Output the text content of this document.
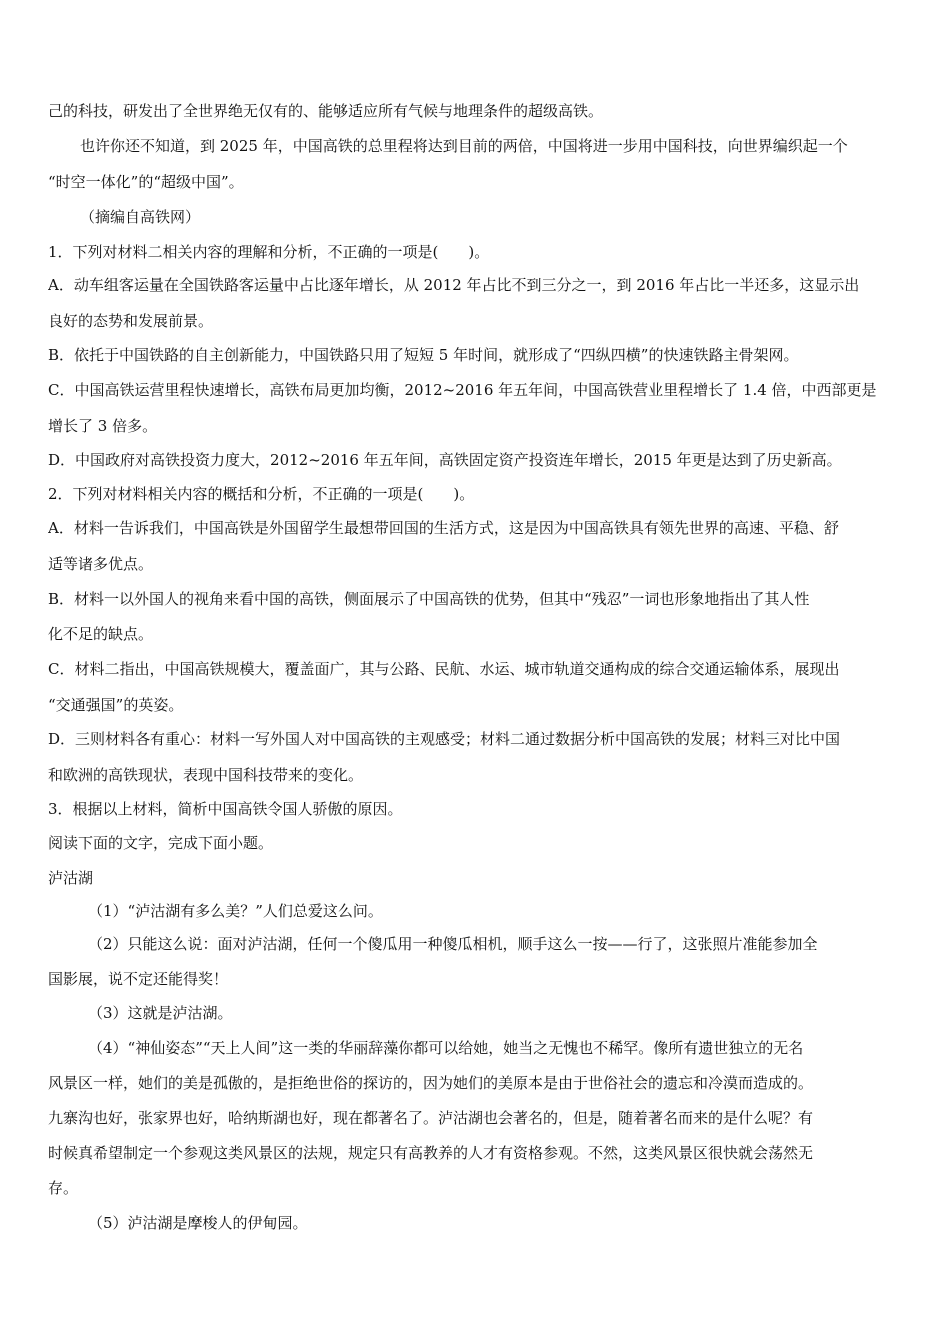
己的科技，研发出了全世界绝无仅有的、能够适应所有气候与地理条件的超级高铁。
也许你还不知道，到 2025 年，中国高铁的总里程将达到目前的两倍，中国将进一步用中国科技，向世界编织起一个
“时空一体化”的“超级中国”。
（摘编自高铁网）
1．下列对材料二相关内容的理解和分析，不正确的一项是(　　)。
A．动车组客运量在全国铁路客运量中占比逐年增长，从 2012 年占比不到三分之一，到 2016 年占比一半还多，这显示出
良好的态势和发展前景。
B．依托于中国铁路的自主创新能力，中国铁路只用了短短 5 年时间，就形成了“四纵四横”的快速铁路主骨架网。
C．中国高铁运营里程快速增长，高铁布局更加均衡，2012~2016 年五年间，中国高铁营业里程增长了 1.4 倍，中西部更是
增长了 3 倍多。
D．中国政府对高铁投资力度大，2012~2016 年五年间，高铁固定资产投资连年增长，2015 年更是达到了历史新高。
2．下列对材料相关内容的概括和分析，不正确的一项是(　　)。
A．材料一告诉我们，中国高铁是外国留学生最想带回国的生活方式，这是因为中国高铁具有领先世界的高速、平稳、舒
适等诸多优点。
B．材料一以外国人的视角来看中国的高铁，侧面展示了中国高铁的优势，但其中“残忍”一词也形象地指出了其人性
化不足的缺点。
C．材料二指出，中国高铁规模大，覆盖面广，其与公路、民航、水运、城市轨道交通构成的综合交通运输体系，展现出
“交通强国”的英姿。
D．三则材料各有重心：材料一写外国人对中国高铁的主观感受；材料二通过数据分析中国高铁的发展；材料三对比中国
和欧洲的高铁现状，表现中国科技带来的变化。
3．根据以上材料，简析中国高铁令国人骄傲的原因。
阅读下面的文字，完成下面小题。
泸沽湖
（1）“泸沽湖有多么美？”人们总爱这么问。
（2）只能这么说：面对泸沽湖，任何一个傻瓜用一种傻瓜相机，顺手这么一按——行了，这张照片准能参加全
国影展，说不定还能得奖！
（3）这就是泸沽湖。
（4）“神仙姿态”“天上人间”这一类的华丽辞藻你都可以给她，她当之无愧也不稀罕。像所有遗世独立的无名
风景区一样，她们的美是孤傲的，是拒绝世俗的探访的，因为她们的美原本是由于世俗社会的遗忘和冷漠而造成的。
九寨沟也好，张家界也好，哈纳斯湖也好，现在都著名了。泸沽湖也会著名的，但是，随着著名而来的是什么呢？有
时候真希望制定一个参观这类风景区的法规，规定只有高教养的人才有资格参观。不然，这类风景区很快就会荡然无
存。
（5）泸沽湖是摩梭人的伊甸园。
